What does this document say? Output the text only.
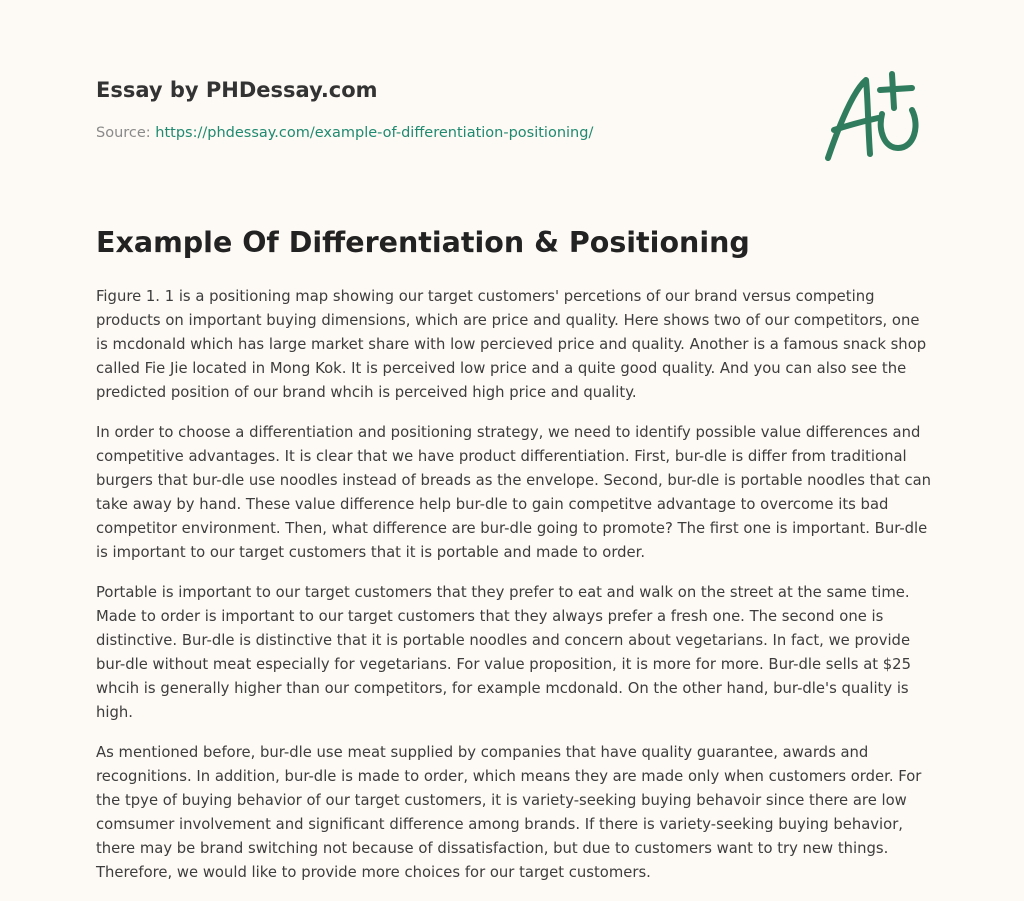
Essay by PHDessay.com
Source: https://phdessay.com/example-of-differentiation-positioning/
Example Of Differentiation & Positioning

Figure 1. 1 is a positioning map showing our target customers' percetions of our brand versus competing products on important buying dimensions, which are price and quality. Here shows two of our competitors, one is mcdonald which has large market share with low percieved price and quality. Another is a famous snack shop called Fie Jie located in Mong Kok. It is perceived low price and a quite good quality. And you can also see the predicted position of our brand whcih is perceived high price and quality.

In order to choose a differentiation and positioning strategy, we need to identify possible value differences and competitive advantages. It is clear that we have product differentiation. First, bur-dle is differ from traditional burgers that bur-dle use noodles instead of breads as the envelope. Second, bur-dle is portable noodles that can take away by hand. These value difference help bur-dle to gain competitve advantage to overcome its bad competitor environment. Then, what difference are bur-dle going to promote? The first one is important. Bur-dle is important to our target customers that it is portable and made to order.

Portable is important to our target customers that they prefer to eat and walk on the street at the same time. Made to order is important to our target customers that they always prefer a fresh one. The second one is distinctive. Bur-dle is distinctive that it is portable noodles and concern about vegetarians. In fact, we provide bur-dle without meat especially for vegetarians. For value proposition, it is more for more. Bur-dle sells at $25 whcih is generally higher than our competitors, for example mcdonald. On the other hand, bur-dle's quality is high.

As mentioned before, bur-dle use meat supplied by companies that have quality guarantee, awards and recognitions. In addition, bur-dle is made to order, which means they are made only when customers order. For the tpye of buying behavior of our target customers, it is variety-seeking buying behavoir since there are low comsumer involvement and significant difference among brands. If there is variety-seeking buying behavior, there may be brand switching not because of dissatisfaction, but due to customers want to try new things. Therefore, we would like to provide more choices for our target customers.
